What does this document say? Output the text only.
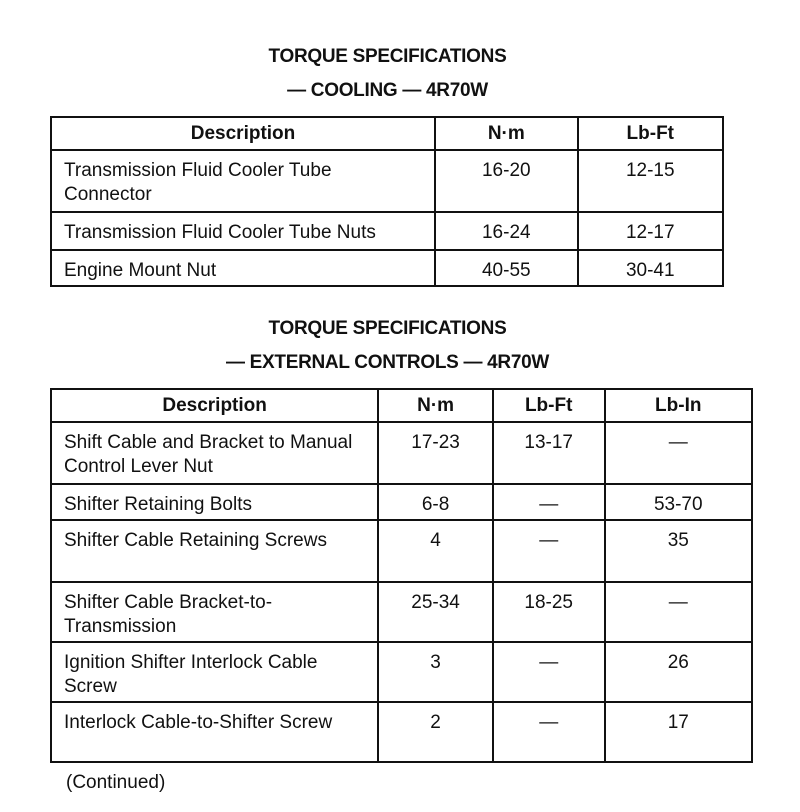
TORQUE SPECIFICATIONS
— COOLING — 4R70W
Description	N·m	Lb-Ft
Transmission Fluid Cooler Tube Connector	16-20	12-15
Transmission Fluid Cooler Tube Nuts	16-24	12-17
Engine Mount Nut	40-55	30-41
TORQUE SPECIFICATIONS
— EXTERNAL CONTROLS — 4R70W
Description	N·m	Lb-Ft	Lb-In
Shift Cable and Bracket to Manual Control Lever Nut	17-23	13-17	—
Shifter Retaining Bolts	6-8	—	53-70
Shifter Cable Retaining Screws	4	—	35
Shifter Cable Bracket-to-Transmission	25-34	18-25	—
Ignition Shifter Interlock Cable Screw	3	—	26
Interlock Cable-to-Shifter Screw	2	—	17
(Continued)
